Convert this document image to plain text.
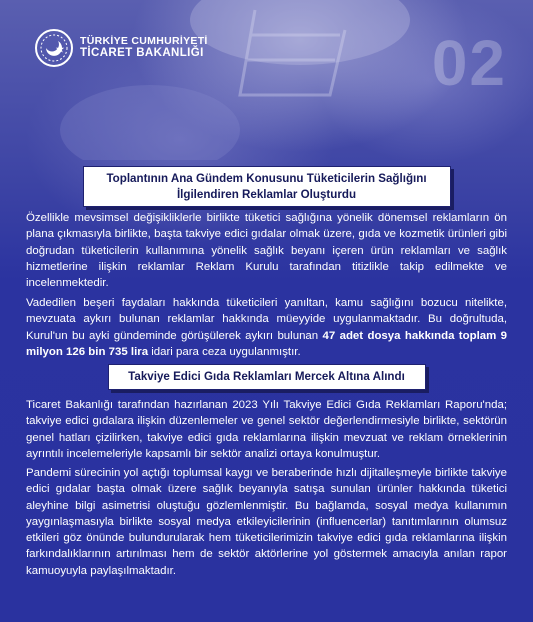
TÜRKİYE CUMHURİYETİ
TİCARET BAKANLIĞI	02
Toplantının Ana Gündem Konusunu Tüketicilerin Sağlığını İlgilendiren Reklamlar Oluşturdu
Özellikle mevsimsel değişikliklerle birlikte tüketici sağlığına yönelik dönemsel reklamların ön plana çıkmasıyla birlikte, başta takviye edici gıdalar olmak üzere, gıda ve kozmetik ürünleri gibi doğrudan tüketicilerin kullanımına yönelik sağlık beyanı içeren ürün reklamları ve sağlık hizmetlerine ilişkin reklamlar Reklam Kurulu tarafından titizlikle takip edilmekte ve incelenmektedir.
Vadedilen beşeri faydaları hakkında tüketicileri yanıltan, kamu sağlığını bozucu nitelikte, mevzuata aykırı bulunan reklamlar hakkında müeyyide uygulanmaktadır. Bu doğrultuda, Kurul'un bu ayki gündeminde görüşülerek aykırı bulunan 47 adet dosya hakkında toplam 9 milyon 126 bin 735 lira idari para ceza uygulanmıştır.
Takviye Edici Gıda Reklamları Mercek Altına Alındı
Ticaret Bakanlığı tarafından hazırlanan 2023 Yılı Takviye Edici Gıda Reklamları Raporu'nda; takviye edici gıdalara ilişkin düzenlemeler ve genel sektör değerlendirmesiyle birlikte, sektörün genel hatları çizilirken, takviye edici gıda reklamlarına ilişkin mevzuat ve reklam örneklerinin ayrıntılı incelemeleriyle kapsamlı bir sektör analizi ortaya konulmuştur.
Pandemi sürecinin yol açtığı toplumsal kaygı ve beraberinde hızlı dijitalleşmeyle birlikte takviye edici gıdalar başta olmak üzere sağlık beyanıyla satışa sunulan ürünler hakkında tüketici aleyhine bilgi asimetrisi oluştuğu gözlemlenmiştir. Bu bağlamda, sosyal medya kullanımın yaygınlaşmasıyla birlikte sosyal medya etkileyicilerinin (influencerlar) tanıtımlarının olumsuz etkileri göz önünde bulundurularak hem tüketicilerimizin takviye edici gıda reklamlarına ilişkin farkındalıklarının artırılması hem de sektör aktörlerine yol göstermek amacıyla anılan rapor kamuoyuyla paylaşılmaktadır.
